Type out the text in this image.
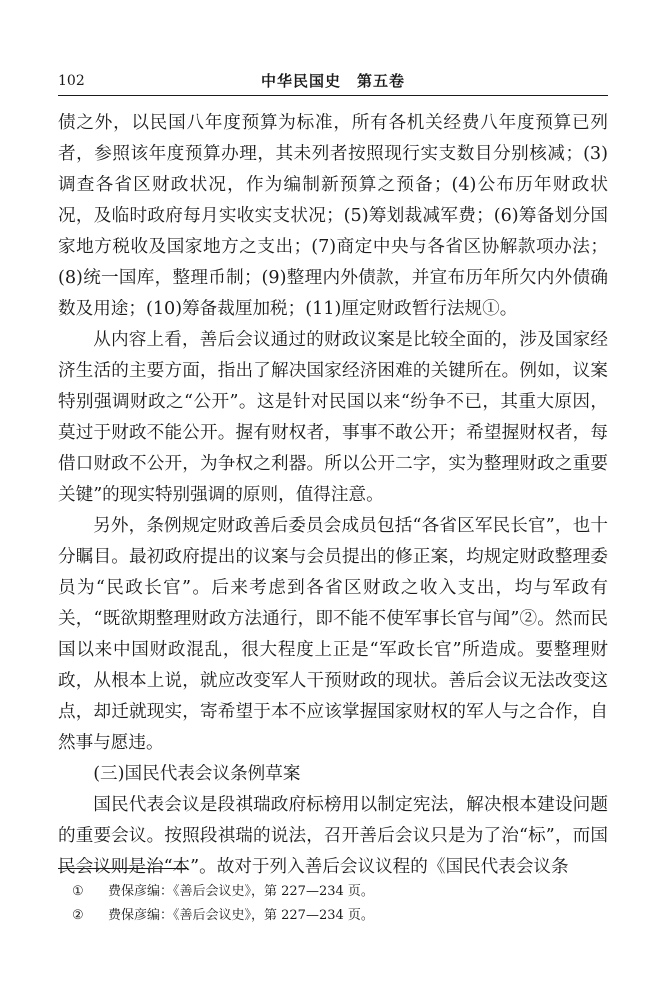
102	中华民国史　第五卷

债之外，以民国八年度预算为标准，所有各机关经费八年度预算已列者，参照该年度预算办理，其未列者按照现行实支数目分别核减；(3)调查各省区财政状况，作为编制新预算之预备；(4)公布历年财政状况，及临时政府每月实收实支状况；(5)筹划裁减军费；(6)筹备划分国家地方税收及国家地方之支出；(7)商定中央与各省区协解款项办法；(8)统一国库，整理币制；(9)整理内外债款，并宣布历年所欠内外债确数及用途；(10)筹备裁厘加税；(11)厘定财政暂行法规①。

从内容上看，善后会议通过的财政议案是比较全面的，涉及国家经济生活的主要方面，指出了解决国家经济困难的关键所在。例如，议案特别强调财政之“公开”。这是针对民国以来“纷争不已，其重大原因，莫过于财政不能公开。握有财权者，事事不敢公开；希望握财权者，每借口财政不公开，为争权之利器。所以公开二字，实为整理财政之重要关键”的现实特别强调的原则，值得注意。

另外，条例规定财政善后委员会成员包括“各省区军民长官”，也十分瞩目。最初政府提出的议案与会员提出的修正案，均规定财政整理委员为“民政长官”。后来考虑到各省区财政之收入支出，均与军政有关，“既欲期整理财政方法通行，即不能不使军事长官与闻”②。然而民国以来中国财政混乱，很大程度上正是“军政长官”所造成。要整理财政，从根本上说，就应改变军人干预财政的现状。善后会议无法改变这点，却迁就现实，寄希望于本不应该掌握国家财权的军人与之合作，自然事与愿违。

(三)国民代表会议条例草案

国民代表会议是段祺瑞政府标榜用以制定宪法，解决根本建设问题的重要会议。按照段祺瑞的说法，召开善后会议只是为了治“标”，而国民会议则是治“本”。故对于列入善后会议议程的《国民代表会议条

①	费保彦编：《善后会议史》，第 227—234 页。
②	费保彦编：《善后会议史》，第 227—234 页。
